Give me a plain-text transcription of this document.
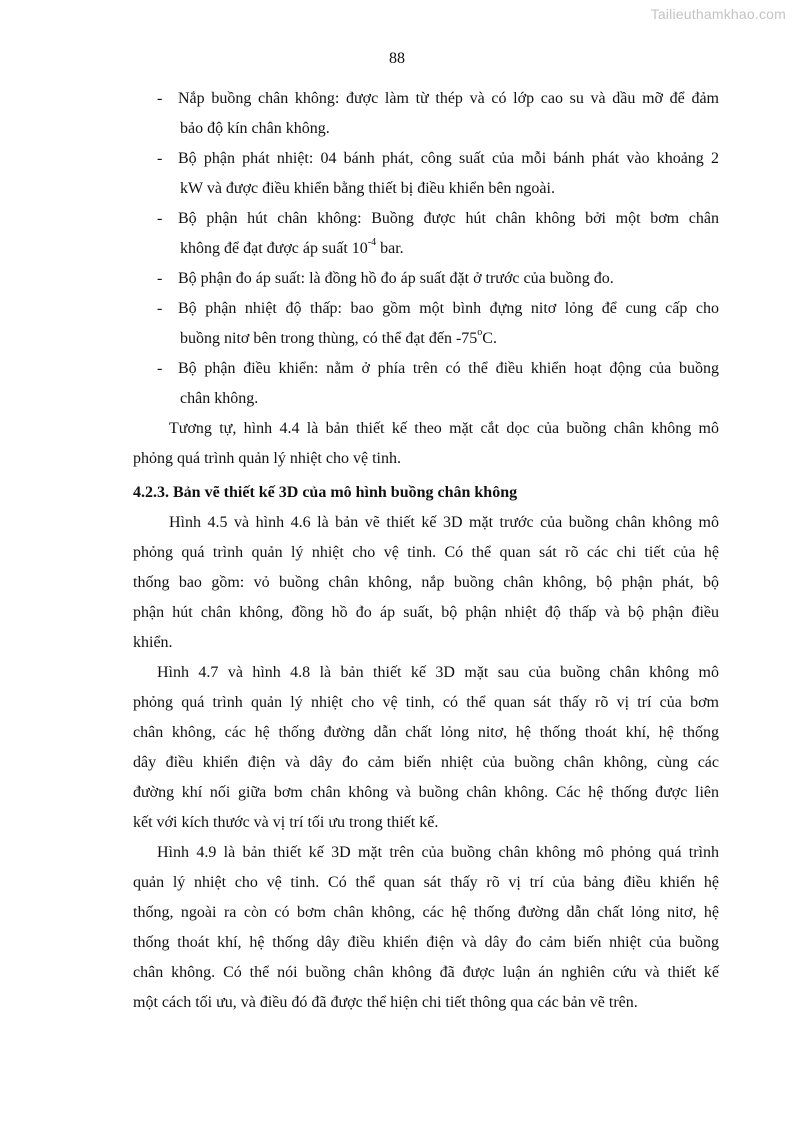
Tailieuthamkhao.com
88
- Nắp buồng chân không: được làm từ thép và có lớp cao su và dầu mỡ để đảm
bảo độ kín chân không.
- Bộ phận phát nhiệt: 04 bánh phát, công suất của mỗi bánh phát vào khoảng 2
kW và được điều khiển bằng thiết bị điều khiển bên ngoài.
- Bộ phận hút chân không: Buồng được hút chân không bởi một bơm chân
không để đạt được áp suất $10^{-4}$ bar.
- Bộ phận đo áp suất: là đồng hồ đo áp suất đặt ở trước của buồng đo.
- Bộ phận nhiệt độ thấp: bao gồm một bình đựng nitơ lỏng để cung cấp cho
buồng nitơ bên trong thùng, có thể đạt đến -75$^o$C.
- Bộ phận điều khiển: nằm ở phía trên có thể điều khiển hoạt động của buồng
chân không.
Tương tự, hình 4.4 là bản thiết kế theo mặt cắt dọc của buồng chân không mô
phỏng quá trình quản lý nhiệt cho vệ tinh.
4.2.3. Bản vẽ thiết kế 3D của mô hình buồng chân không
Hình 4.5 và hình 4.6 là bản vẽ thiết kế 3D mặt trước của buồng chân không mô
phỏng quá trình quản lý nhiệt cho vệ tinh. Có thể quan sát rõ các chi tiết của hệ
thống bao gồm: vỏ buồng chân không, nắp buồng chân không, bộ phận phát, bộ
phận hút chân không, đồng hồ đo áp suất, bộ phận nhiệt độ thấp và bộ phận điều
khiển.
Hình 4.7 và hình 4.8 là bản thiết kế 3D mặt sau của buồng chân không mô
phỏng quá trình quản lý nhiệt cho vệ tinh, có thể quan sát thấy rõ vị trí của bơm
chân không, các hệ thống đường dẫn chất lỏng nitơ, hệ thống thoát khí, hệ thống
dây điều khiển điện và dây đo cảm biến nhiệt của buồng chân không, cùng các
đường khí nối giữa bơm chân không và buồng chân không. Các hệ thống được liên
kết với kích thước và vị trí tối ưu trong thiết kế.
Hình 4.9 là bản thiết kế 3D mặt trên của buồng chân không mô phỏng quá trình
quản lý nhiệt cho vệ tinh. Có thể quan sát thấy rõ vị trí của bảng điều khiển hệ
thống, ngoài ra còn có bơm chân không, các hệ thống đường dẫn chất lỏng nitơ, hệ
thống thoát khí, hệ thống dây điều khiển điện và dây đo cảm biến nhiệt của buồng
chân không. Có thể nói buồng chân không đã được luận án nghiên cứu và thiết kế
một cách tối ưu, và điều đó đã được thể hiện chi tiết thông qua các bản vẽ trên.
